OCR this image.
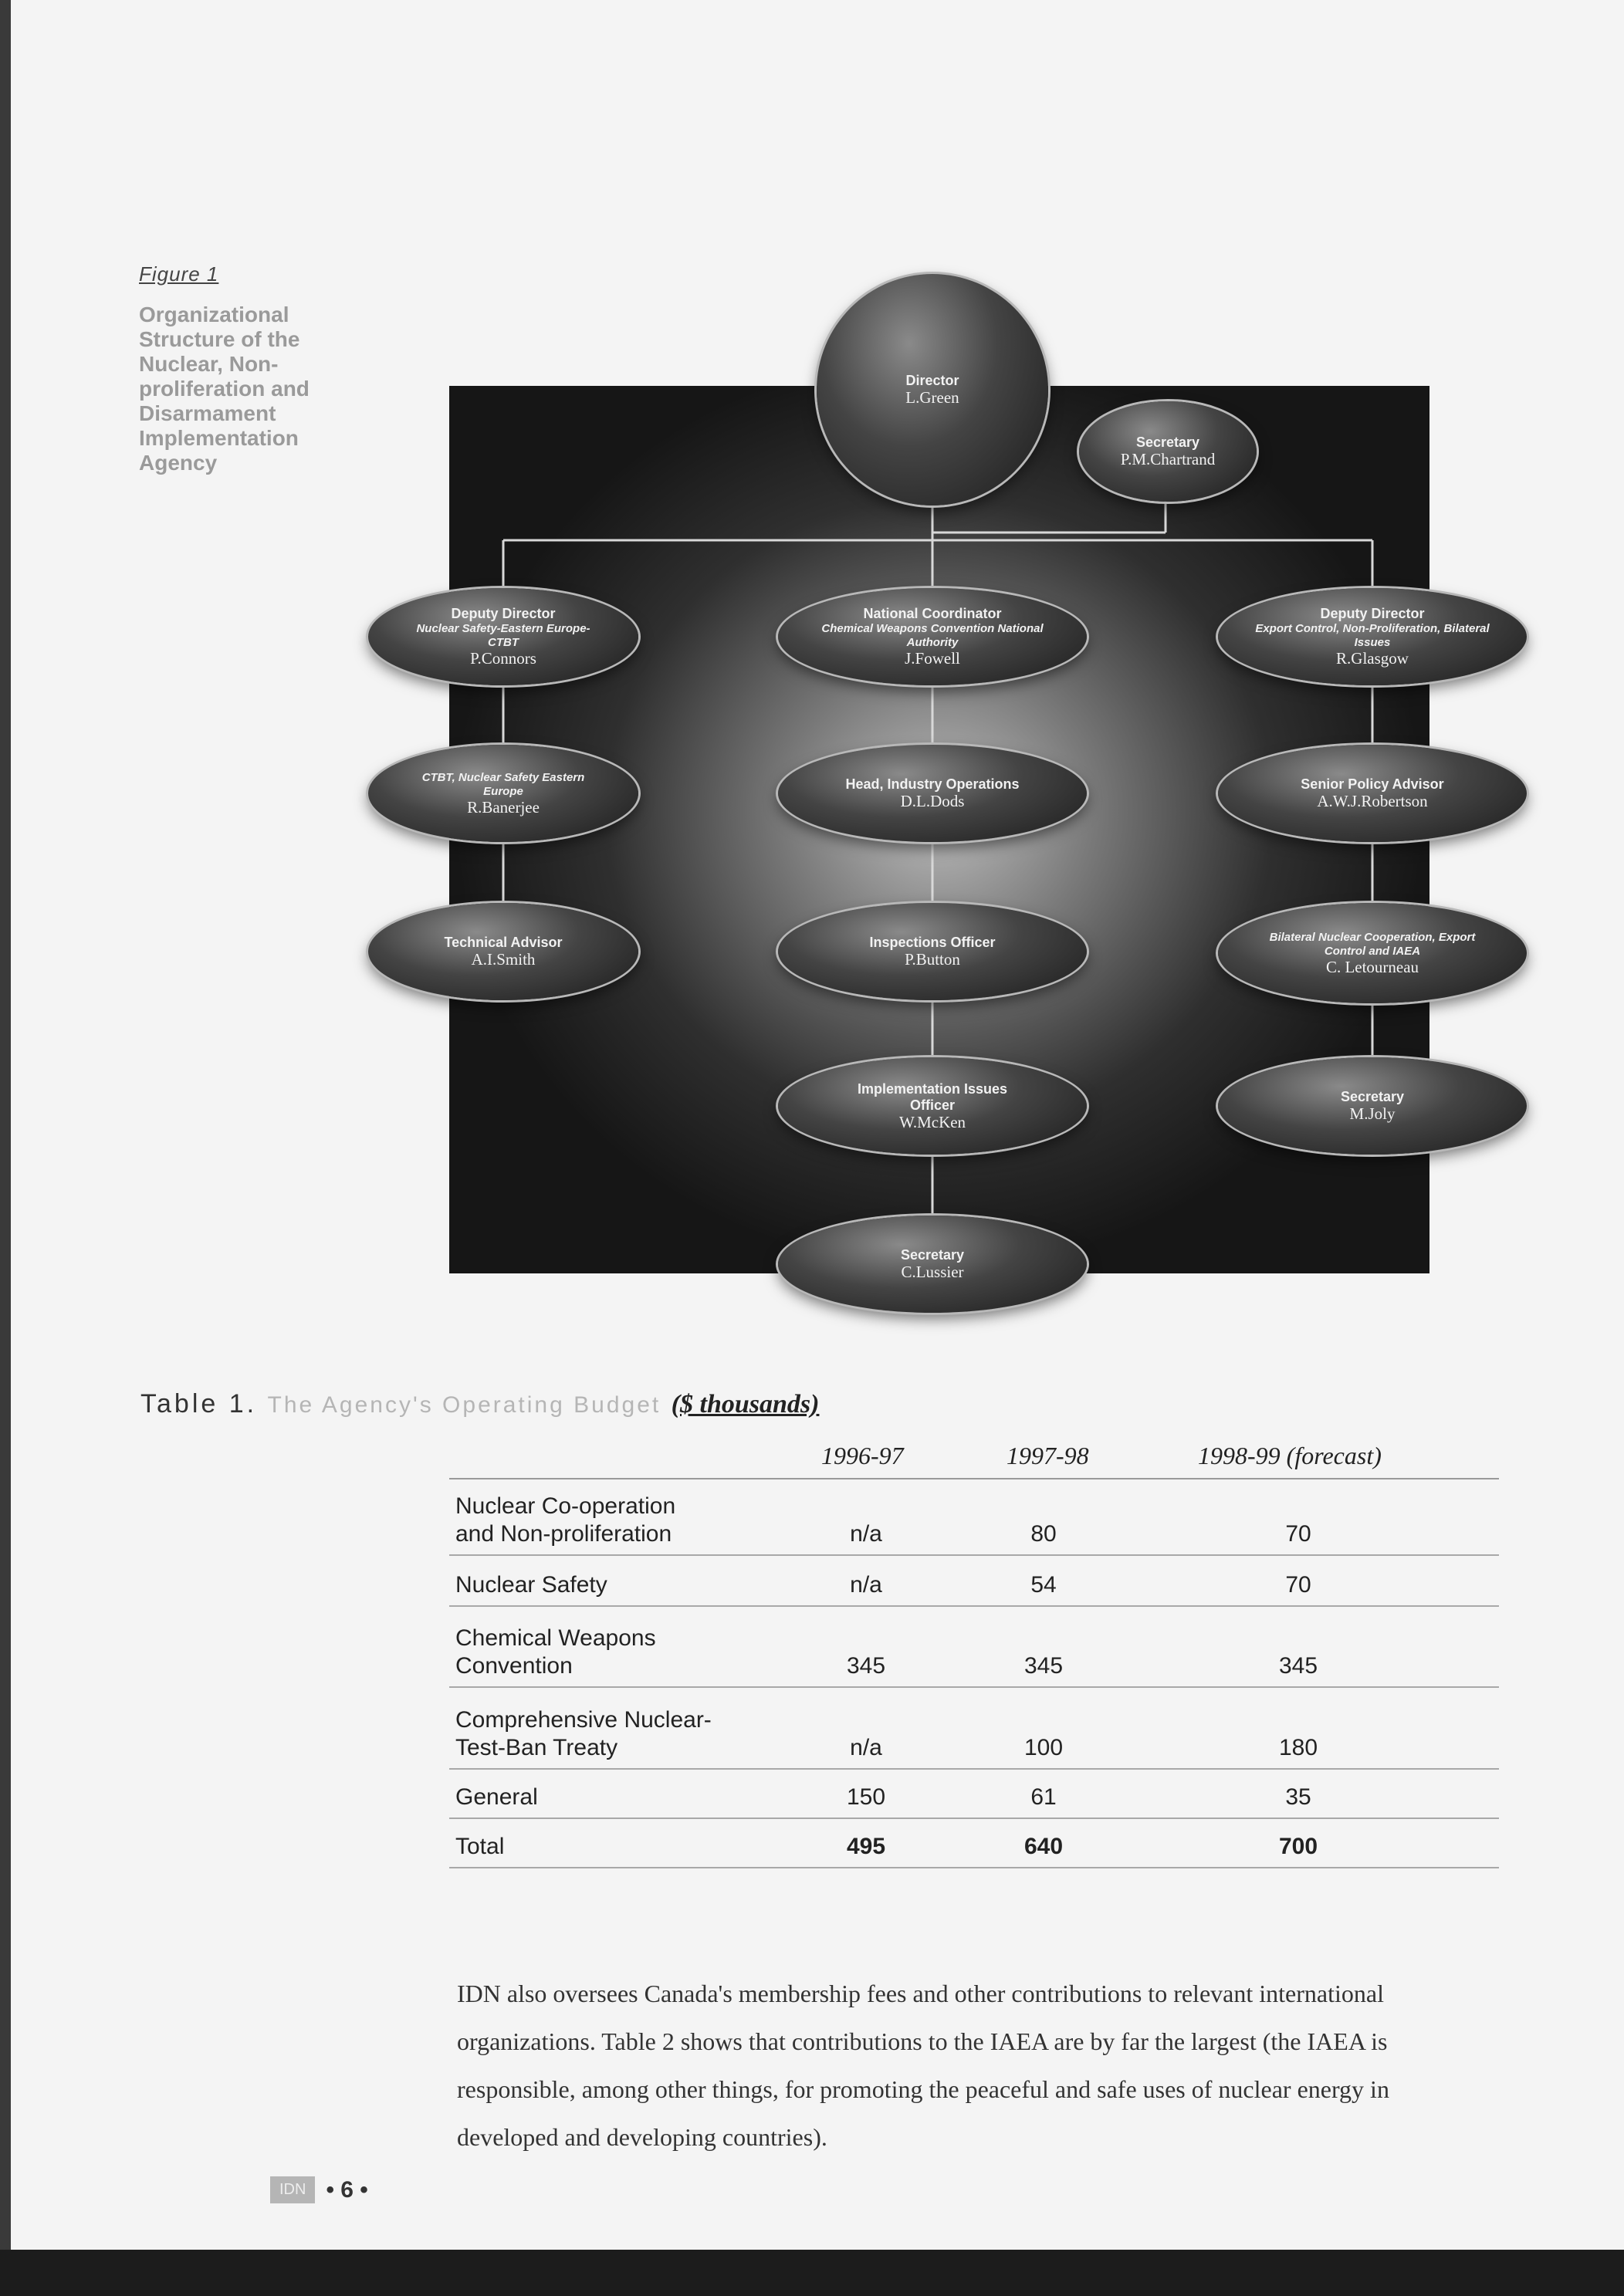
Figure 1
Organizational Structure of the Nuclear, Non-proliferation and Disarmament Implementation Agency
Director
L.Green
Secretary
P.M.Chartrand
Deputy Director
Nuclear Safety-Eastern Europe-CTBT
P.Connors
CTBT, Nuclear Safety Eastern Europe
R.Banerjee
Technical Advisor
A.I.Smith
National Coordinator
Chemical Weapons Convention National Authority
J.Fowell
Head, Industry Operations
D.L.Dods
Inspections Officer
P.Button
Implementation Issues Officer
W.McKen
Secretary
C.Lussier
Deputy Director
Export Control, Non-Proliferation, Bilateral Issues
R.Glasgow
Senior Policy Advisor
A.W.J.Robertson
Bilateral Nuclear Cooperation, Export Control and IAEA
C. Letourneau
Secretary
M.Joly
Table 1. The Agency's Operating Budget ($ thousands)
1996-97	1997-98	1998-99 (forecast)
Nuclear Co-operation
and Non-proliferation	n/a	80	70
Nuclear Safety	n/a	54	70
Chemical Weapons
Convention	345	345	345
Comprehensive Nuclear-
Test-Ban Treaty	n/a	100	180
General	150	61	35
Total	495	640	700

IDN also oversees Canada's membership fees and other contributions to relevant international organizations. Table 2 shows that contributions to the IAEA are by far the largest (the IAEA is responsible, among other things, for promoting the peaceful and safe uses of nuclear energy in developed and developing countries).

IDN • 6 •
